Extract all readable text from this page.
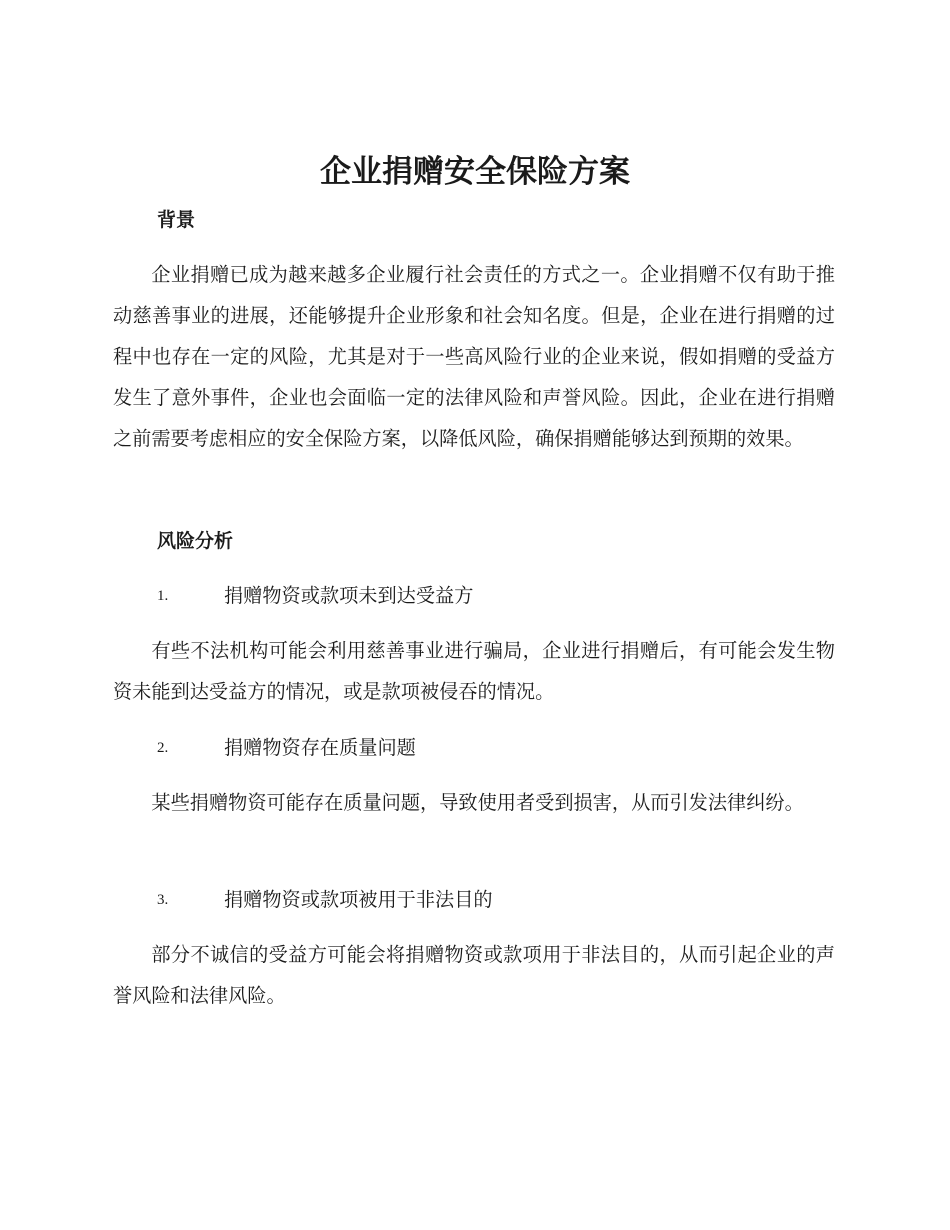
企业捐赠安全保险方案
背景

企业捐赠已成为越来越多企业履行社会责任的方式之一。企业捐赠不仅有助于推动慈善事业的进展，还能够提升企业形象和社会知名度。但是，企业在进行捐赠的过程中也存在一定的风险，尤其是对于一些高风险行业的企业来说，假如捐赠的受益方发生了意外事件，企业也会面临一定的法律风险和声誉风险。因此，企业在进行捐赠之前需要考虑相应的安全保险方案，以降低风险，确保捐赠能够达到预期的效果。

风险分析
1.	捐赠物资或款项未到达受益方

有些不法机构可能会利用慈善事业进行骗局，企业进行捐赠后，有可能会发生物资未能到达受益方的情况，或是款项被侵吞的情况。

2.	捐赠物资存在质量问题

某些捐赠物资可能存在质量问题，导致使用者受到损害，从而引发法律纠纷。

3.	捐赠物资或款项被用于非法目的

部分不诚信的受益方可能会将捐赠物资或款项用于非法目的，从而引起企业的声誉风险和法律风险。
